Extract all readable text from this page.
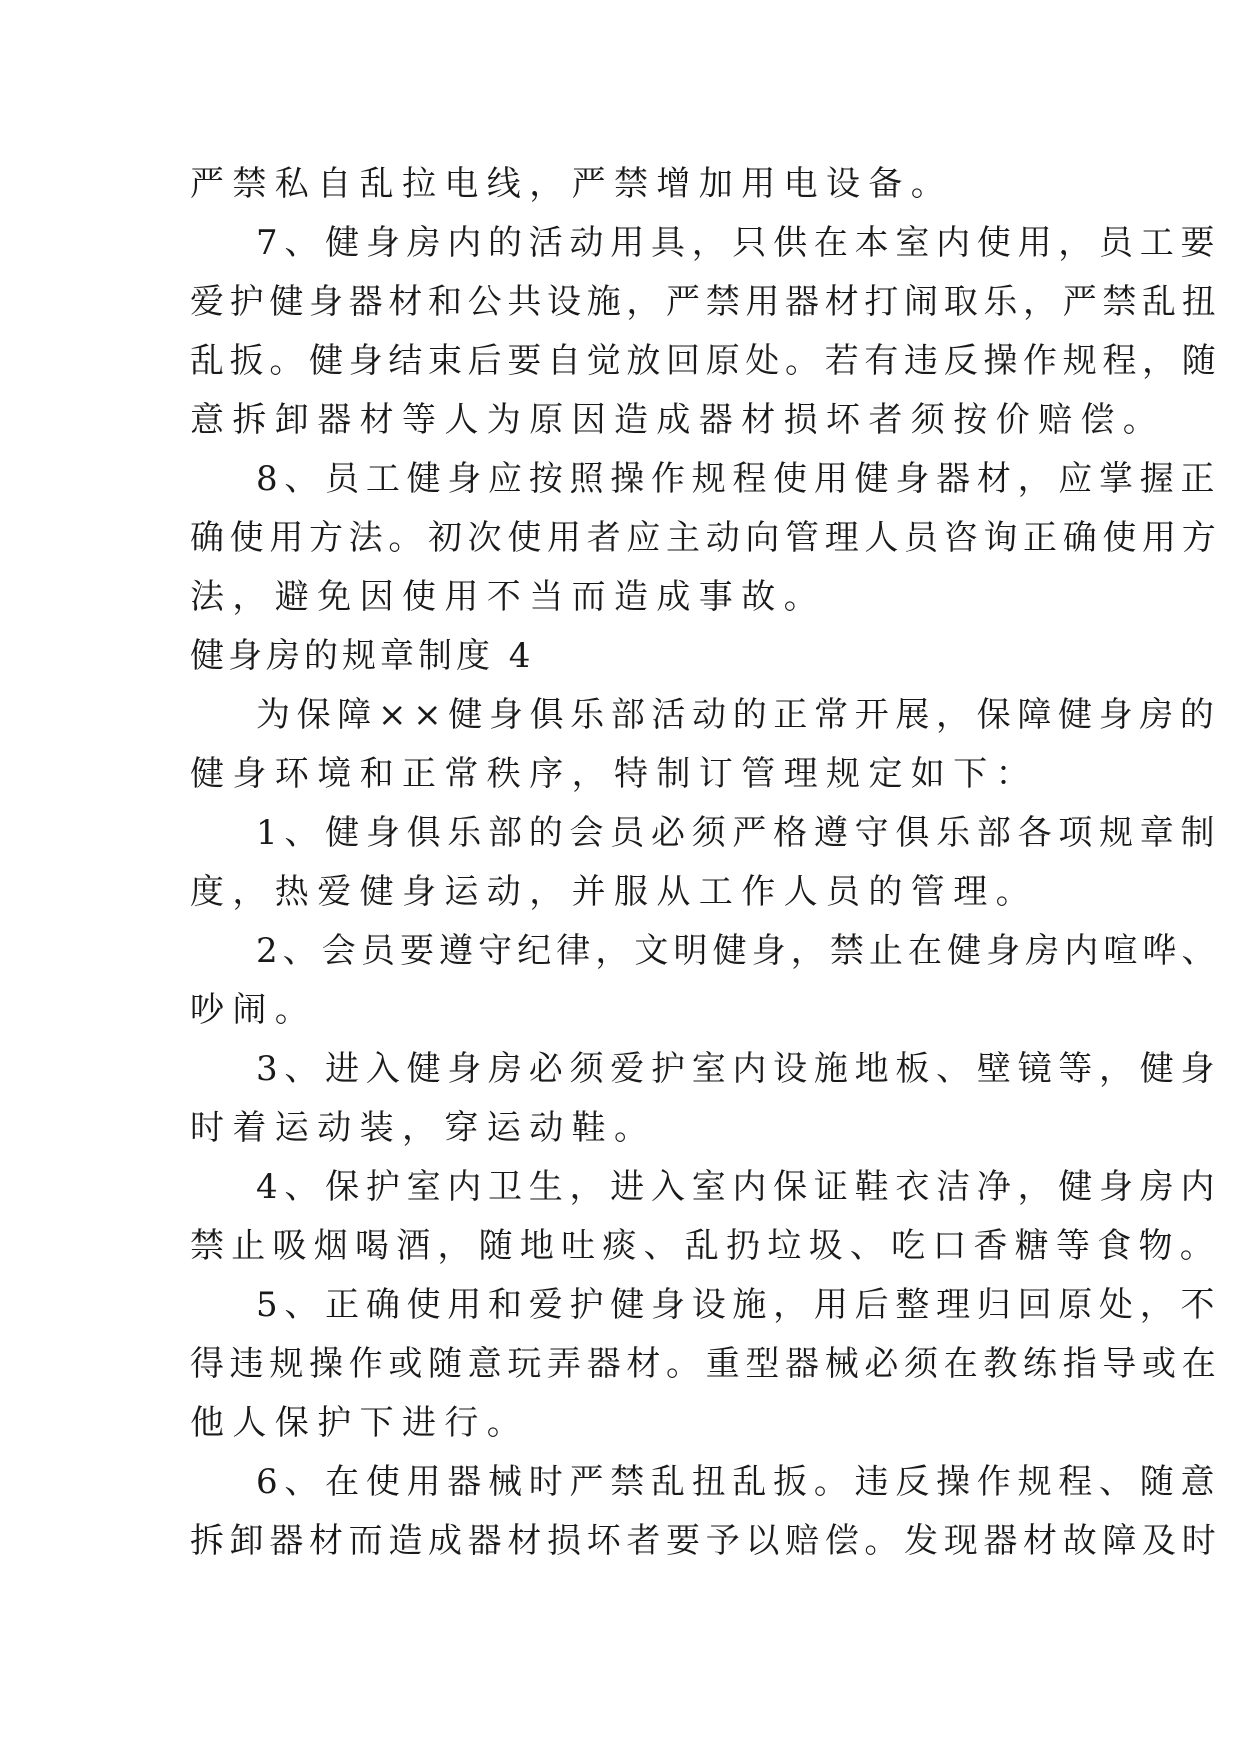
严禁私自乱拉电线，严禁增加用电设备。
7、健身房内的活动用具，只供在本室内使用，员工要
爱护健身器材和公共设施，严禁用器材打闹取乐，严禁乱扭
乱扳。健身结束后要自觉放回原处。若有违反操作规程，随
意拆卸器材等人为原因造成器材损坏者须按价赔偿。
8、员工健身应按照操作规程使用健身器材，应掌握正
确使用方法。初次使用者应主动向管理人员咨询正确使用方
法，避免因使用不当而造成事故。
健身房的规章制度 4
为保障××健身俱乐部活动的正常开展，保障健身房的
健身环境和正常秩序，特制订管理规定如下：
1、健身俱乐部的会员必须严格遵守俱乐部各项规章制
度，热爱健身运动，并服从工作人员的管理。
2、会员要遵守纪律，文明健身，禁止在健身房内喧哗、
吵闹。
3、进入健身房必须爱护室内设施地板、壁镜等，健身
时着运动装，穿运动鞋。
4、保护室内卫生，进入室内保证鞋衣洁净，健身房内
禁止吸烟喝酒，随地吐痰、乱扔垃圾、吃口香糖等食物。
5、正确使用和爱护健身设施，用后整理归回原处，不
得违规操作或随意玩弄器材。重型器械必须在教练指导或在
他人保护下进行。
6、在使用器械时严禁乱扭乱扳。违反操作规程、随意
拆卸器材而造成器材损坏者要予以赔偿。发现器材故障及时
